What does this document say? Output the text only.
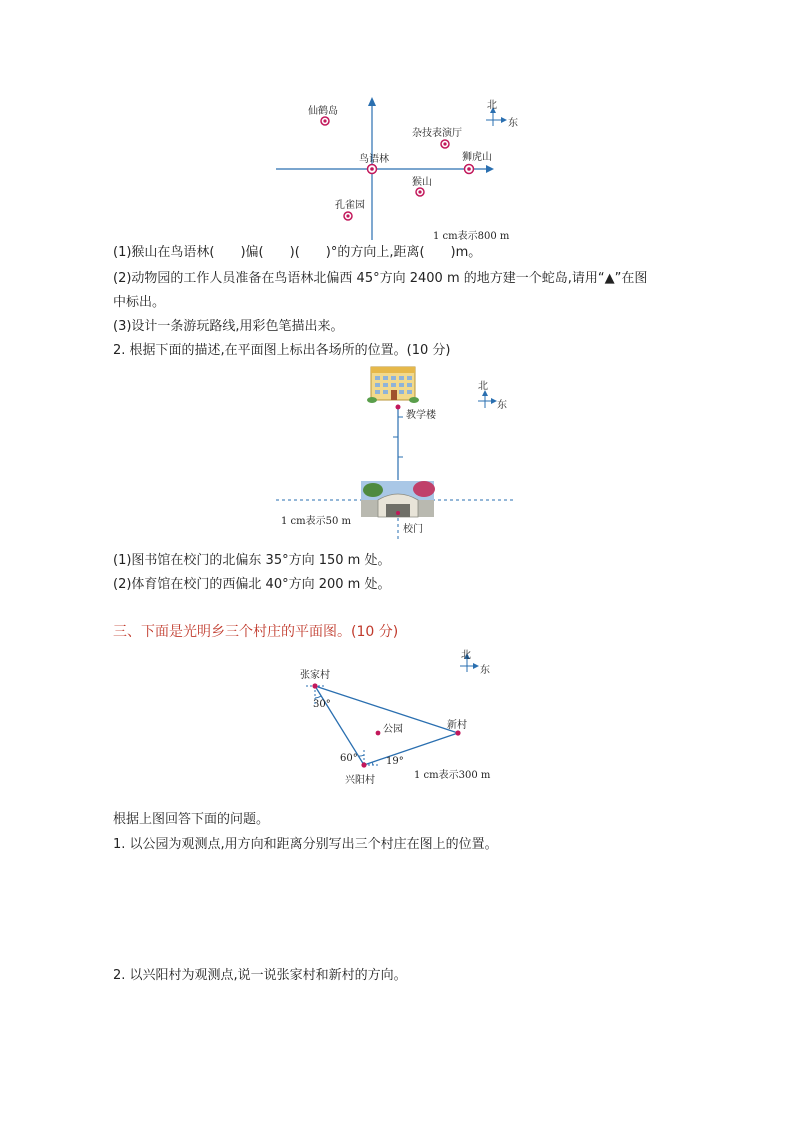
北
东
仙鹤岛
杂技表演厅
鸟语林	狮虎山
猴山
孔雀园
1 cm表示800 m
(1)猴山在鸟语林(　　)偏(　　)(　　)°的方向上,距离(　　)m。
(2)动物园的工作人员准备在鸟语林北偏西 45°方向 2400 m 的地方建一个蛇岛,请用“▲”在图
中标出。
(3)设计一条游玩路线,用彩色笔描出来。
2. 根据下面的描述,在平面图上标出各场所的位置。(10 分)
北
东
教学楼
1 cm表示50 m
校门
(1)图书馆在校门的北偏东 35°方向 150 m 处。
(2)体育馆在校门的西偏北 40°方向 200 m 处。
三、下面是光明乡三个村庄的平面图。(10 分)
北
东
张家村
30°
公园	新村
60°	19°
兴阳村	1 cm表示300 m
根据上图回答下面的问题。
1. 以公园为观测点,用方向和距离分别写出三个村庄在图上的位置。
2. 以兴阳村为观测点,说一说张家村和新村的方向。
